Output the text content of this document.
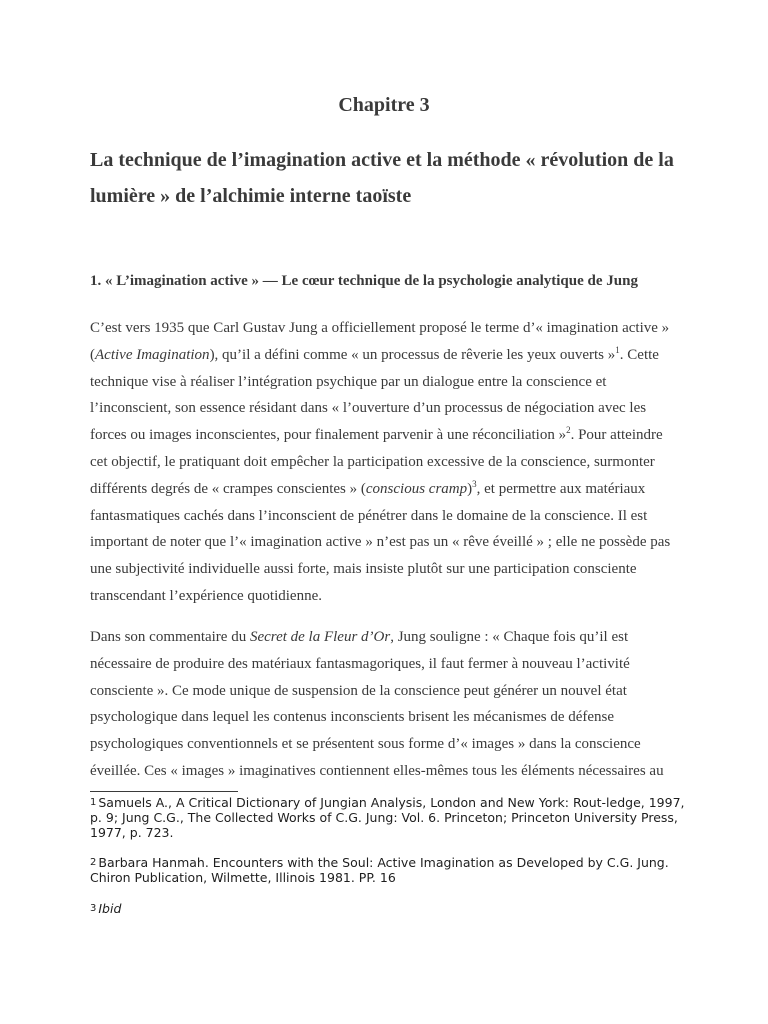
Chapitre 3
La technique de l’imagination active et la méthode « révolution de la lumière » de l’alchimie interne taoïste
1. « L’imagination active » — Le cœur technique de la psychologie analytique de Jung

C’est vers 1935 que Carl Gustav Jung a officiellement proposé le terme d’« imagination active » (Active Imagination), qu’il a défini comme « un processus de rêverie les yeux ouverts »$^1$. Cette technique vise à réaliser l’intégration psychique par un dialogue entre la conscience et l’inconscient, son essence résidant dans « l’ouverture d’un processus de négociation avec les forces ou images inconscientes, pour finalement parvenir à une réconciliation »$^2$. Pour atteindre cet objectif, le pratiquant doit empêcher la participation excessive de la conscience, surmonter différents degrés de « crampes conscientes » (conscious cramp)$^3$, et permettre aux matériaux fantasmatiques cachés dans l’inconscient de pénétrer dans le domaine de la conscience. Il est important de noter que l’« imagination active » n’est pas un « rêve éveillé » ; elle ne possède pas une subjectivité individuelle aussi forte, mais insiste plutôt sur une participation consciente transcendant l’expérience quotidienne.

Dans son commentaire du Secret de la Fleur d’Or, Jung souligne : « Chaque fois qu’il est nécessaire de produire des matériaux fantasmagoriques, il faut fermer à nouveau l’activité consciente ». Ce mode unique de suspension de la conscience peut générer un nouvel état psychologique dans lequel les contenus inconscients brisent les mécanismes de défense psychologiques conventionnels et se présentent sous forme d’« images » dans la conscience éveillée. Ces « images » imaginatives contiennent elles-mêmes tous les éléments nécessaires au

1 Samuels A., A Critical Dictionary of Jungian Analysis, London and New York: Rout-ledge, 1997, p. 9; Jung C.G., The Collected Works of C.G. Jung: Vol. 6. Princeton; Princeton University Press, 1977, p. 723.

2 Barbara Hanmah. Encounters with the Soul: Active Imagination as Developed by C.G. Jung. Chiron Publication, Wilmette, Illinois 1981. PP. 16

3 Ibid
